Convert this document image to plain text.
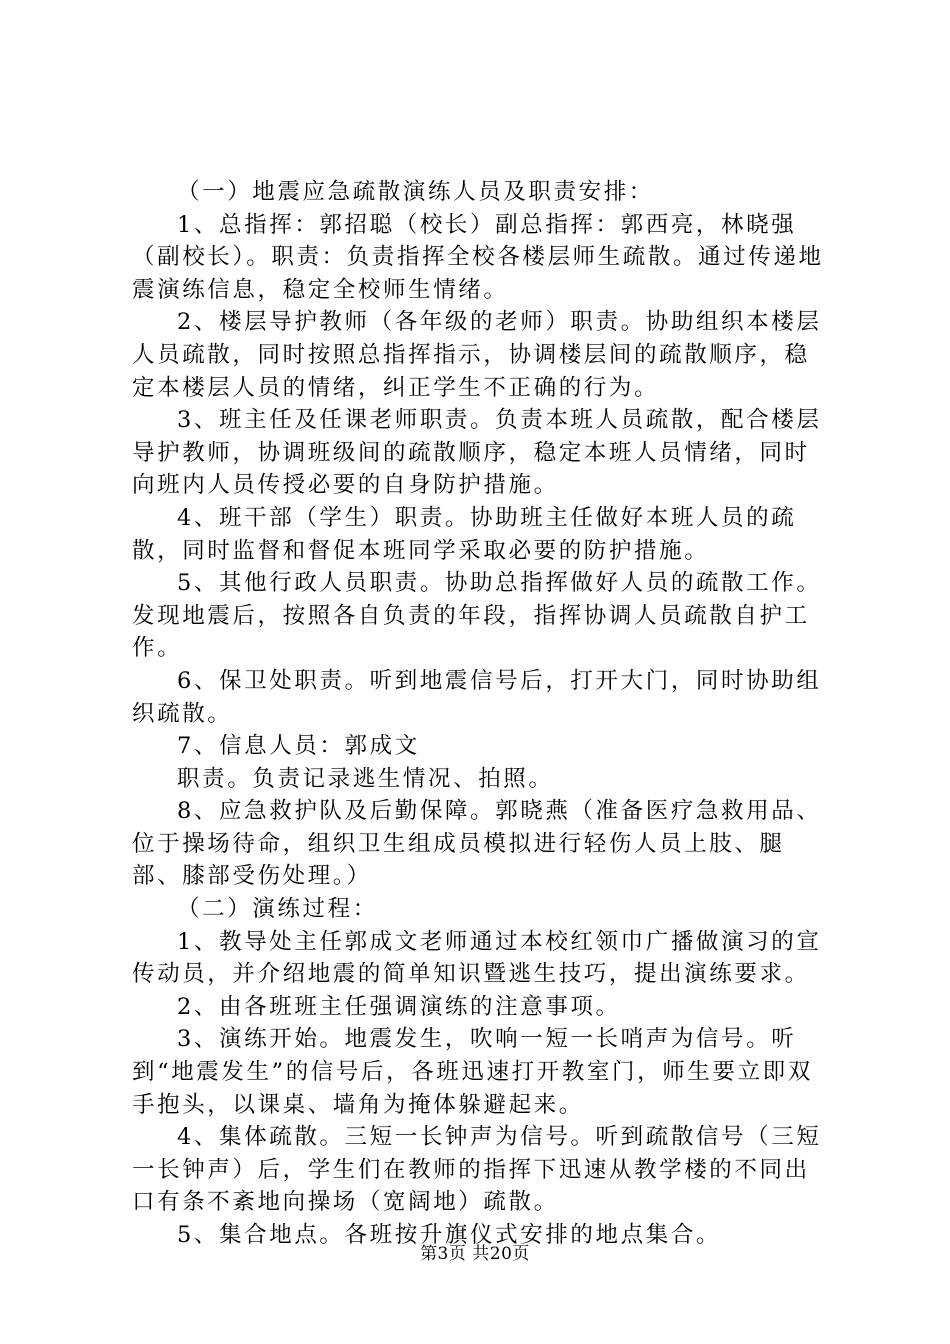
（一）地震应急疏散演练人员及职责安排：

1、总指挥：郭招聪（校长）副总指挥：郭西亮，林晓强（副校长）。职责：负责指挥全校各楼层师生疏散。通过传递地震演练信息，稳定全校师生情绪。

2、楼层导护教师（各年级的老师）职责。协助组织本楼层人员疏散，同时按照总指挥指示，协调楼层间的疏散顺序，稳定本楼层人员的情绪，纠正学生不正确的行为。

3、班主任及任课老师职责。负责本班人员疏散，配合楼层导护教师，协调班级间的疏散顺序，稳定本班人员情绪，同时向班内人员传授必要的自身防护措施。

4、班干部（学生）职责。协助班主任做好本班人员的疏散，同时监督和督促本班同学采取必要的防护措施。

5、其他行政人员职责。协助总指挥做好人员的疏散工作。发现地震后，按照各自负责的年段，指挥协调人员疏散自护工作。

6、保卫处职责。听到地震信号后，打开大门，同时协助组织疏散。

7、信息人员：郭成文

职责。负责记录逃生情况、拍照。

8、应急救护队及后勤保障。郭晓燕（准备医疗急救用品、位于操场待命，组织卫生组成员模拟进行轻伤人员上肢、腿部、膝部受伤处理。）

（二）演练过程：

1、教导处主任郭成文老师通过本校红领巾广播做演习的宣传动员，并介绍地震的简单知识暨逃生技巧，提出演练要求。

2、由各班班主任强调演练的注意事项。

3、演练开始。地震发生，吹响一短一长哨声为信号。听到“地震发生”的信号后，各班迅速打开教室门，师生要立即双手抱头，以课桌、墙角为掩体躲避起来。

4、集体疏散。三短一长钟声为信号。听到疏散信号（三短一长钟声）后，学生们在教师的指挥下迅速从教学楼的不同出口有条不紊地向操场（宽阔地）疏散。

5、集合地点。各班按升旗仪式安排的地点集合。

第3页 共20页
